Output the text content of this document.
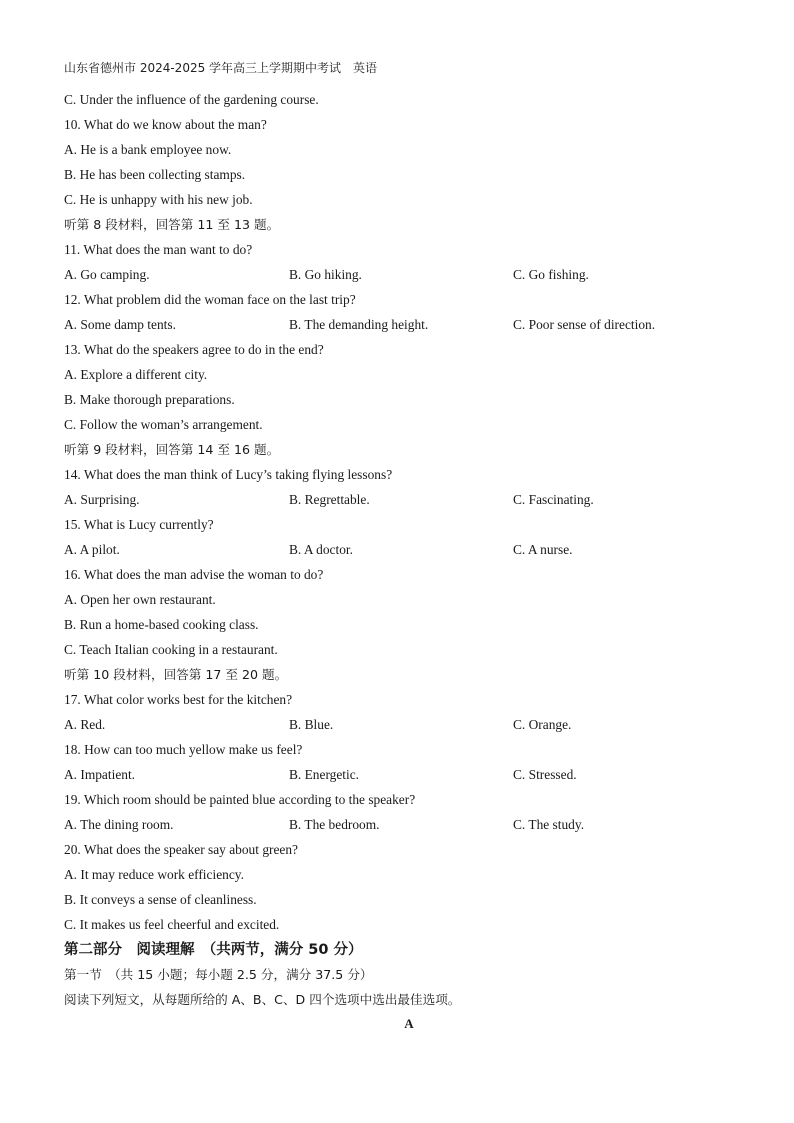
山东省德州市 2024-2025 学年高三上学期期中考试　英语
C. Under the influence of the gardening course.
10. What do we know about the man?
A. He is a bank employee now.
B. He has been collecting stamps.
C. He is unhappy with his new job.
听第 8 段材料，回答第 11 至 13 题。
11. What does the man want to do?
A. Go camping.	B. Go hiking.	C. Go fishing.
12. What problem did the woman face on the last trip?
A. Some damp tents.	B. The demanding height.	C. Poor sense of direction.
13. What do the speakers agree to do in the end?
A. Explore a different city.
B. Make thorough preparations.
C. Follow the woman’s arrangement.
听第 9 段材料，回答第 14 至 16 题。
14. What does the man think of Lucy’s taking flying lessons?
A. Surprising.	B. Regrettable.	C. Fascinating.
15. What is Lucy currently?
A. A pilot.	B. A doctor.	C. A nurse.
16. What does the man advise the woman to do?
A. Open her own restaurant.
B. Run a home-based cooking class.
C. Teach Italian cooking in a restaurant.
听第 10 段材料，回答第 17 至 20 题。
17. What color works best for the kitchen?
A. Red.	B. Blue.	C. Orange.
18. How can too much yellow make us feel?
A. Impatient.	B. Energetic.	C. Stressed.
19. Which room should be painted blue according to the speaker?
A. The dining room.	B. The bedroom.	C. The study.
20. What does the speaker say about green?
A. It may reduce work efficiency.
B. It conveys a sense of cleanliness.
C. It makes us feel cheerful and excited.
第二部分　阅读理解　（共两节，满分 50 分）
第一节　（共 15 小题；每小题 2.5 分，满分 37.5 分）
阅读下列短文，从每题所给的 A、B、C、D 四个选项中选出最佳选项。
A
